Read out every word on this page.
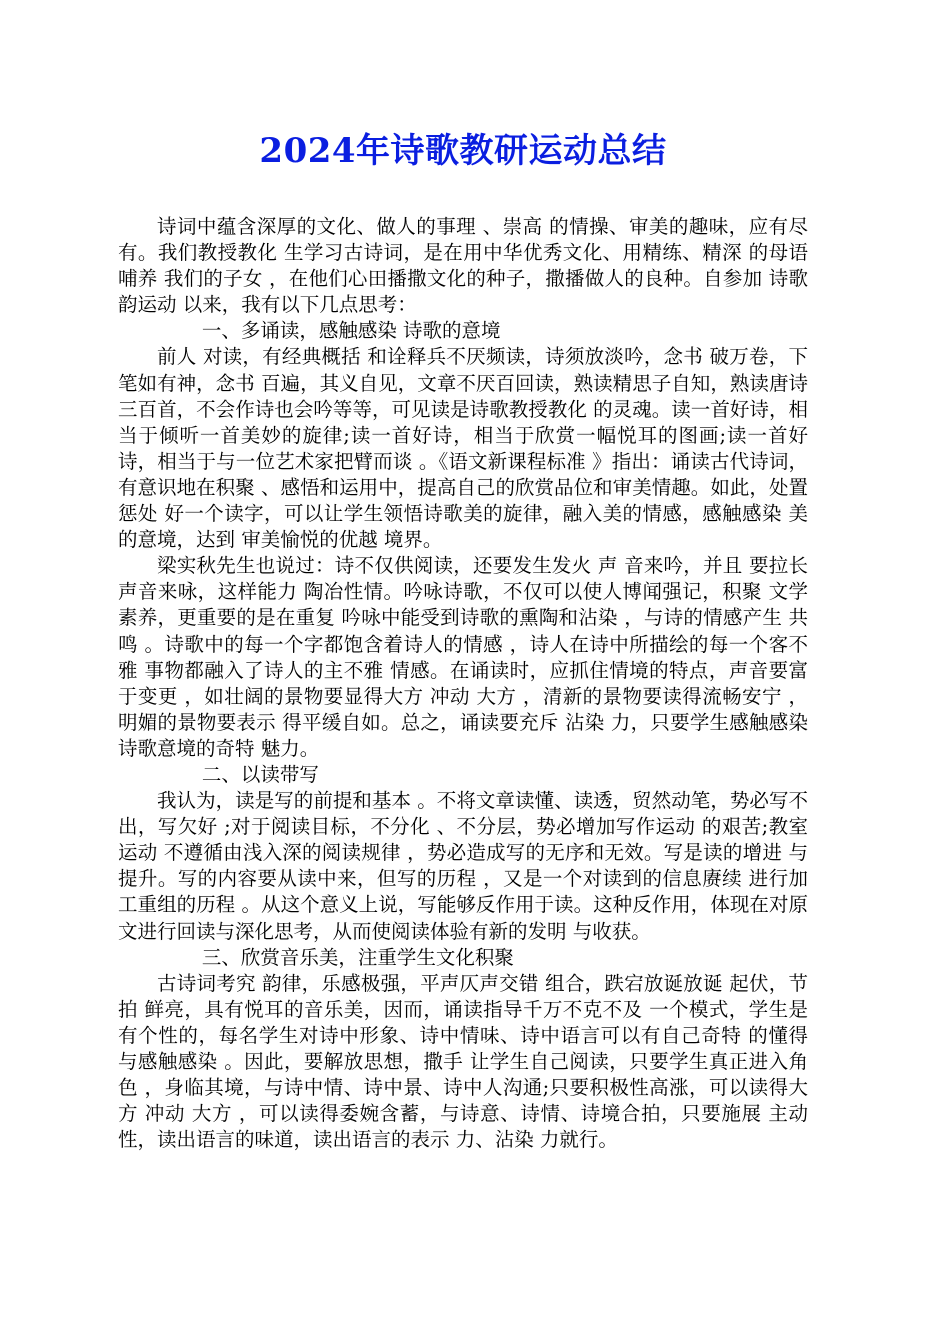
2024年诗歌教研运动总结

诗词中蕴含深厚的文化、做人的事理 、崇高 的情操、审美的趣味，应有尽有。我们教授教化 生学习古诗词，是在用中华优秀文化、用精练、精深 的母语哺养 我们的子女 ，在他们心田播撒文化的种子，撒播做人的良种。自参加 诗歌韵运动 以来，我有以下几点思考：

一、多诵读，感触感染 诗歌的意境

前人 对读，有经典概括 和诠释兵不厌频读，诗须放淡吟，念书 破万卷，下笔如有神，念书 百遍，其义自见，文章不厌百回读，熟读精思子自知，熟读唐诗三百首，不会作诗也会吟等等，可见读是诗歌教授教化 的灵魂。读一首好诗，相当于倾听一首美妙的旋律;读一首好诗，相当于欣赏一幅悦耳的图画;读一首好诗，相当于与一位艺术家把臂而谈 。《语文新课程标准 》指出：诵读古代诗词，有意识地在积聚 、感悟和运用中，提高自己的欣赏品位和审美情趣。如此，处置惩处 好一个读字，可以让学生领悟诗歌美的旋律，融入美的情感，感触感染 美的意境，达到 审美愉悦的优越 境界。

梁实秋先生也说过：诗不仅供阅读，还要发生发火 声 音来吟，并且 要拉长声音来咏，这样能力 陶冶性情。吟咏诗歌，不仅可以使人博闻强记，积聚 文学素养，更重要的是在重复 吟咏中能受到诗歌的熏陶和沾染 ，与诗的情感产生 共鸣 。诗歌中的每一个字都饱含着诗人的情感 ，诗人在诗中所描绘的每一个客不雅 事物都融入了诗人的主不雅 情感。在诵读时，应抓住情境的特点，声音要富于变更 ，如壮阔的景物要显得大方 冲动 大方 ，清新的景物要读得流畅安宁 ，明媚的景物要表示 得平缓自如。总之，诵读要充斥 沾染 力，只要学生感触感染 诗歌意境的奇特 魅力。

二、以读带写

我认为，读是写的前提和基本 。不将文章读懂、读透，贸然动笔，势必写不出，写欠好 ;对于阅读目标，不分化 、不分层，势必增加写作运动 的艰苦;教室 运动 不遵循由浅入深的阅读规律 ，势必造成写的无序和无效。写是读的增进 与提升。写的内容要从读中来，但写的历程 ，又是一个对读到的信息赓续 进行加工重组的历程 。从这个意义上说，写能够反作用于读。这种反作用，体现在对原文进行回读与深化思考，从而使阅读体验有新的发明 与收获。

三、欣赏音乐美，注重学生文化积聚

古诗词考究 韵律，乐感极强，平声仄声交错 组合，跌宕放诞放诞 起伏，节拍 鲜亮，具有悦耳的音乐美，因而，诵读指导千万不克不及 一个模式，学生是有个性的，每名学生对诗中形象、诗中情味、诗中语言可以有自己奇特 的懂得 与感触感染 。因此，要解放思想，撒手 让学生自己阅读，只要学生真正进入角色 ，身临其境，与诗中情、诗中景、诗中人沟通;只要积极性高涨，可以读得大方 冲动 大方 ，可以读得委婉含蓄，与诗意、诗情、诗境合拍，只要施展 主动性，读出语言的味道，读出语言的表示 力、沾染 力就行。
